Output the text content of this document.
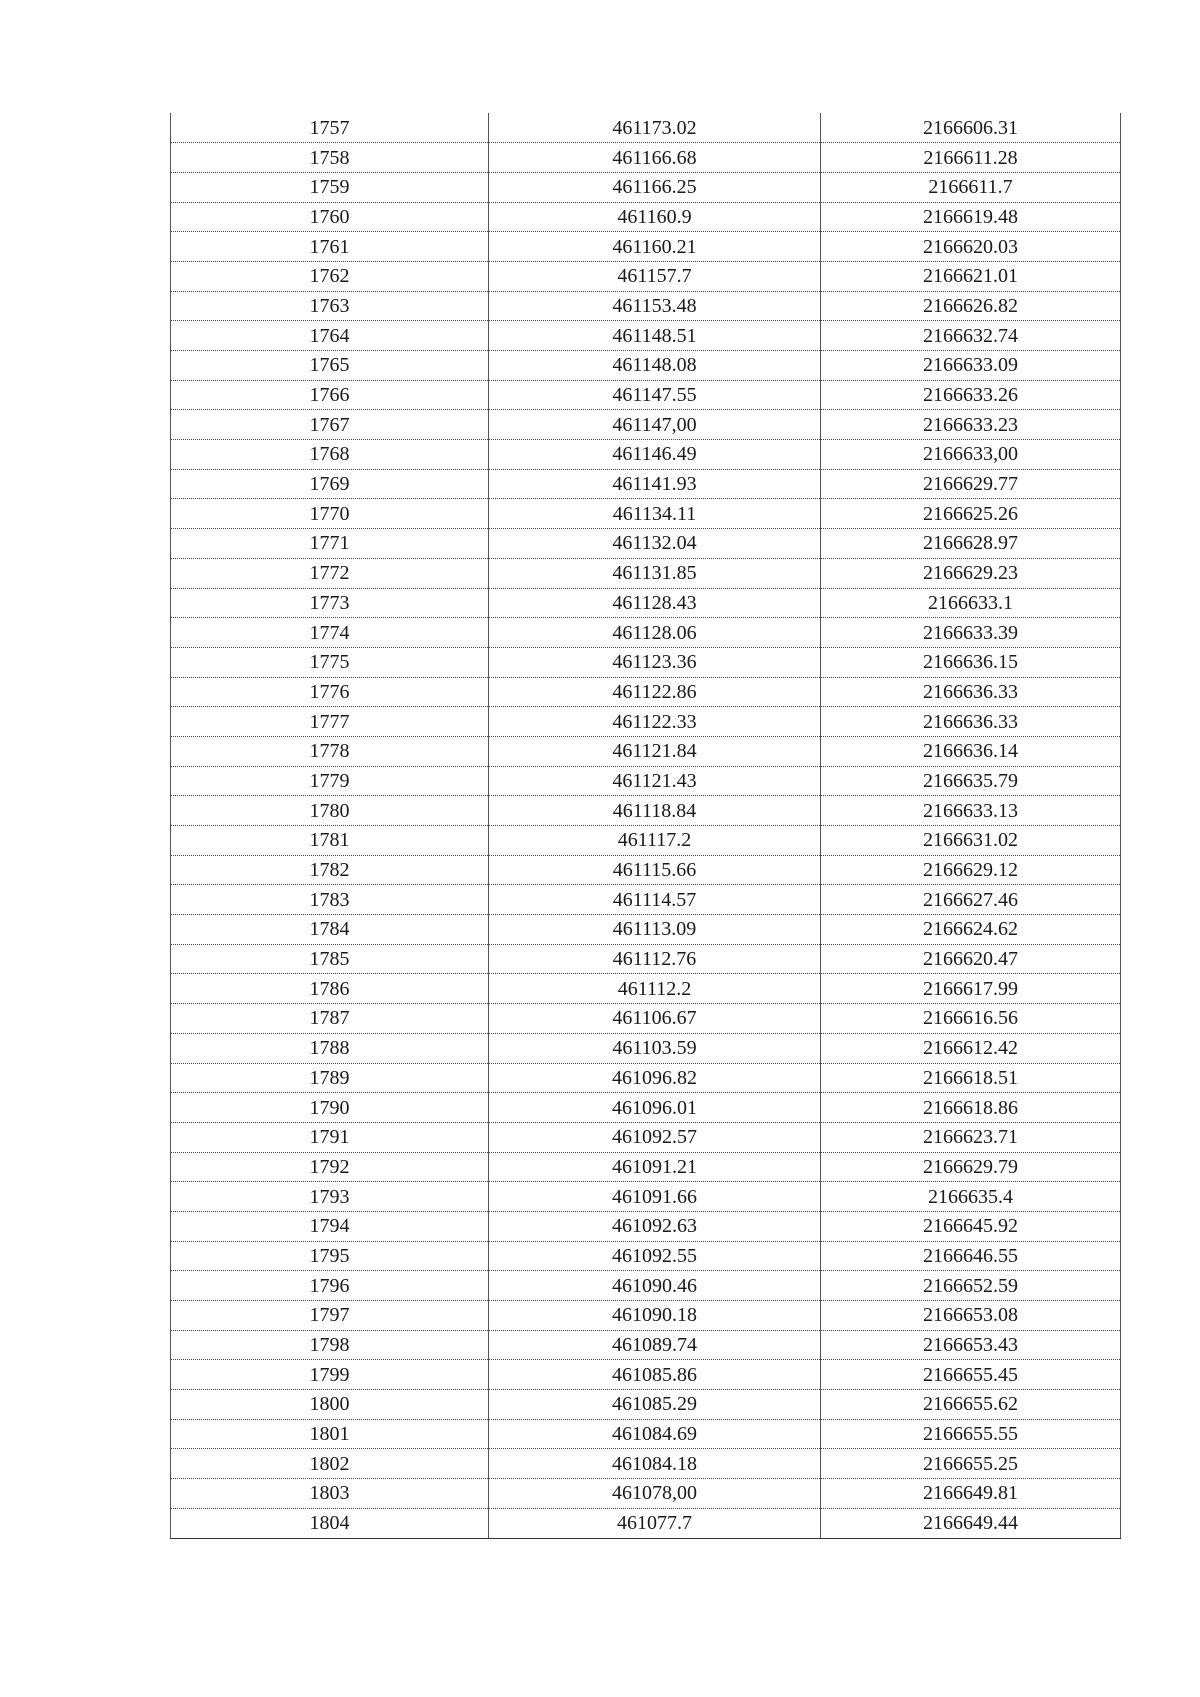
1757	461173.02	2166606.31
1758	461166.68	2166611.28
1759	461166.25	2166611.7
1760	461160.9	2166619.48
1761	461160.21	2166620.03
1762	461157.7	2166621.01
1763	461153.48	2166626.82
1764	461148.51	2166632.74
1765	461148.08	2166633.09
1766	461147.55	2166633.26
1767	461147,00	2166633.23
1768	461146.49	2166633,00
1769	461141.93	2166629.77
1770	461134.11	2166625.26
1771	461132.04	2166628.97
1772	461131.85	2166629.23
1773	461128.43	2166633.1
1774	461128.06	2166633.39
1775	461123.36	2166636.15
1776	461122.86	2166636.33
1777	461122.33	2166636.33
1778	461121.84	2166636.14
1779	461121.43	2166635.79
1780	461118.84	2166633.13
1781	461117.2	2166631.02
1782	461115.66	2166629.12
1783	461114.57	2166627.46
1784	461113.09	2166624.62
1785	461112.76	2166620.47
1786	461112.2	2166617.99
1787	461106.67	2166616.56
1788	461103.59	2166612.42
1789	461096.82	2166618.51
1790	461096.01	2166618.86
1791	461092.57	2166623.71
1792	461091.21	2166629.79
1793	461091.66	2166635.4
1794	461092.63	2166645.92
1795	461092.55	2166646.55
1796	461090.46	2166652.59
1797	461090.18	2166653.08
1798	461089.74	2166653.43
1799	461085.86	2166655.45
1800	461085.29	2166655.62
1801	461084.69	2166655.55
1802	461084.18	2166655.25
1803	461078,00	2166649.81
1804	461077.7	2166649.44
